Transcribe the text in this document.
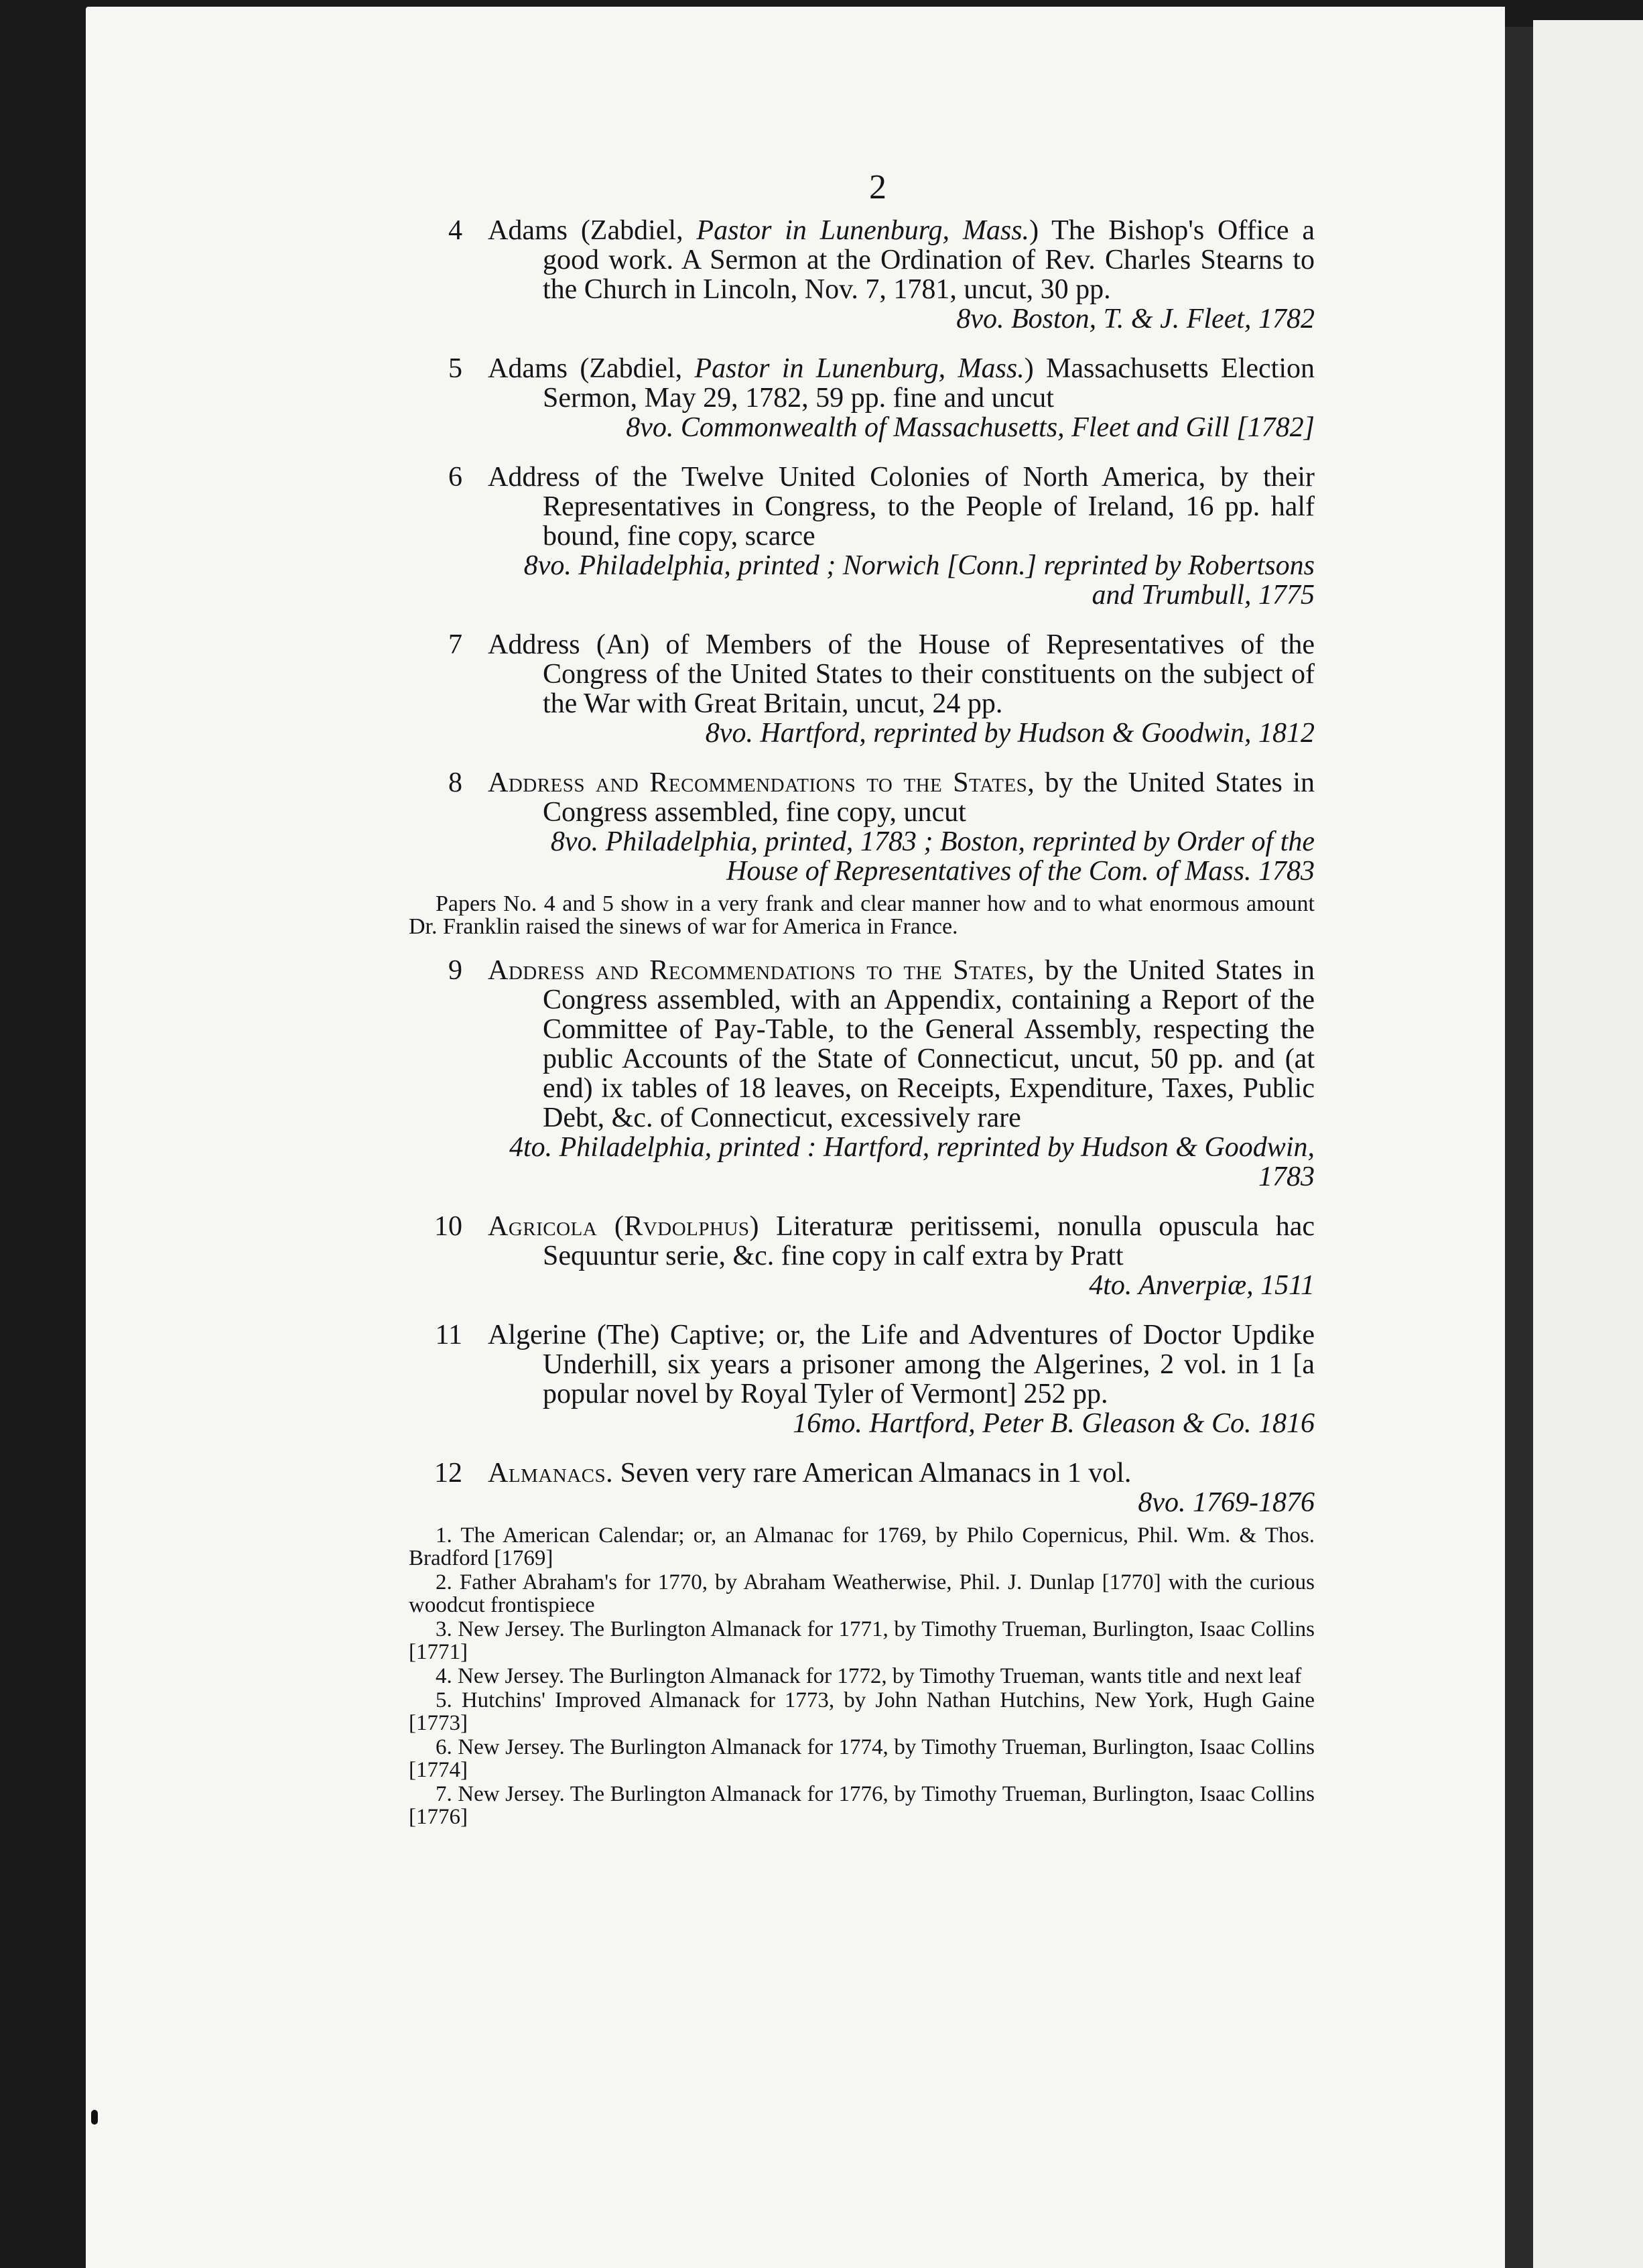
2
4 Adams (Zabdiel, Pastor in Lunenburg, Mass.) The Bishop's Office a good work. A Sermon at the Ordination of Rev. Charles Stearns to the Church in Lincoln, Nov. 7, 1781, uncut, 30 pp.
8vo. Boston, T. & J. Fleet, 1782
5 Adams (Zabdiel, Pastor in Lunenburg, Mass.) Massachusetts Election Sermon, May 29, 1782, 59 pp. fine and uncut
8vo. Commonwealth of Massachusetts, Fleet and Gill [1782]
6 Address of the Twelve United Colonies of North America, by their Representatives in Congress, to the People of Ireland, 16 pp. half bound, fine copy, scarce
8vo. Philadelphia, printed ; Norwich [Conn.] reprinted by Robertsons and Trumbull, 1775
7 Address (An) of Members of the House of Representatives of the Congress of the United States to their constituents on the subject of the War with Great Britain, uncut, 24 pp.
8vo. Hartford, reprinted by Hudson & Goodwin, 1812
8 Address and Recommendations to the States, by the United States in Congress assembled, fine copy, uncut
8vo. Philadelphia, printed, 1783 ; Boston, reprinted by Order of the House of Representatives of the Com. of Mass. 1783
Papers No. 4 and 5 show in a very frank and clear manner how and to what enormous amount Dr. Franklin raised the sinews of war for America in France.
9 Address and Recommendations to the States, by the United States in Congress assembled, with an Appendix, containing a Report of the Committee of Pay-Table, to the General Assembly, respecting the public Accounts of the State of Connecticut, uncut, 50 pp. and (at end) ix tables of 18 leaves, on Receipts, Expenditure, Taxes, Public Debt, &c. of Connecticut, excessively rare
4to. Philadelphia, printed : Hartford, reprinted by Hudson & Goodwin, 1783
10 Agricola (Rvdolphus) Literaturæ peritissemi, nonulla opuscula hac Sequuntur serie, &c. fine copy in calf extra by Pratt
4to. Anverpiæ, 1511
11 Algerine (The) Captive; or, the Life and Adventures of Doctor Updike Underhill, six years a prisoner among the Algerines, 2 vol. in 1 [a popular novel by Royal Tyler of Vermont] 252 pp.
16mo. Hartford, Peter B. Gleason & Co. 1816
12 Almanacs. Seven very rare American Almanacs in 1 vol.
8vo. 1769-1876
1. The American Calendar; or, an Almanac for 1769, by Philo Copernicus, Phil. Wm. & Thos. Bradford [1769]
2. Father Abraham's for 1770, by Abraham Weatherwise, Phil. J. Dunlap [1770] with the curious woodcut frontispiece
3. New Jersey. The Burlington Almanack for 1771, by Timothy Trueman, Burlington, Isaac Collins [1771]
4. New Jersey. The Burlington Almanack for 1772, by Timothy Trueman, wants title and next leaf
5. Hutchins' Improved Almanack for 1773, by John Nathan Hutchins, New York, Hugh Gaine [1773]
6. New Jersey. The Burlington Almanack for 1774, by Timothy Trueman, Burlington, Isaac Collins [1774]
7. New Jersey. The Burlington Almanack for 1776, by Timothy Trueman, Burlington, Isaac Collins [1776]
